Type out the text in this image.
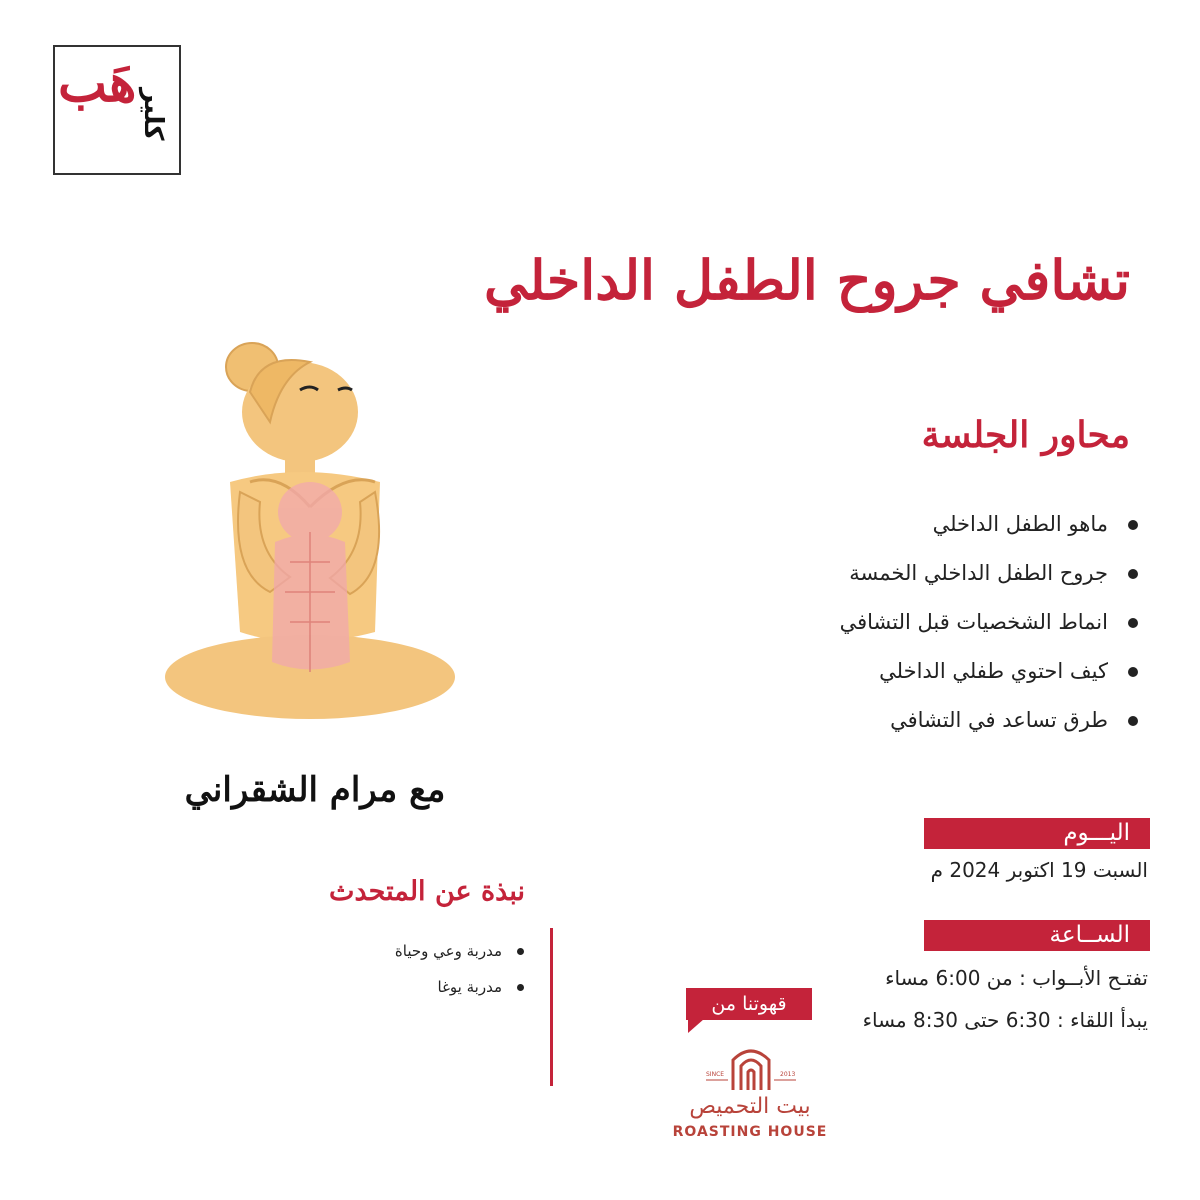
هَب
كلير
تشافي جروح الطفل الداخلي
محاور الجلسة
ماهو الطفل الداخلي
جروح الطفل الداخلي الخمسة
انماط الشخصيات قبل التشافي
كيف احتوي طفلي الداخلي
طرق تساعد في التشافي
اليـــوم
السبت 19 اكتوبر 2024 م
الســاعة
تفتـح الأبــواب : من 6:00 مساء
يبدأ اللقاء : 6:30 حتى 8:30 مساء
مع مرام الشقراني
نبذة عن المتحدث
مدربة وعي وحياة
مدربة يوغا
قهوتنا من
SINCE	2013
بيت التحميص
ROASTING HOUSE
